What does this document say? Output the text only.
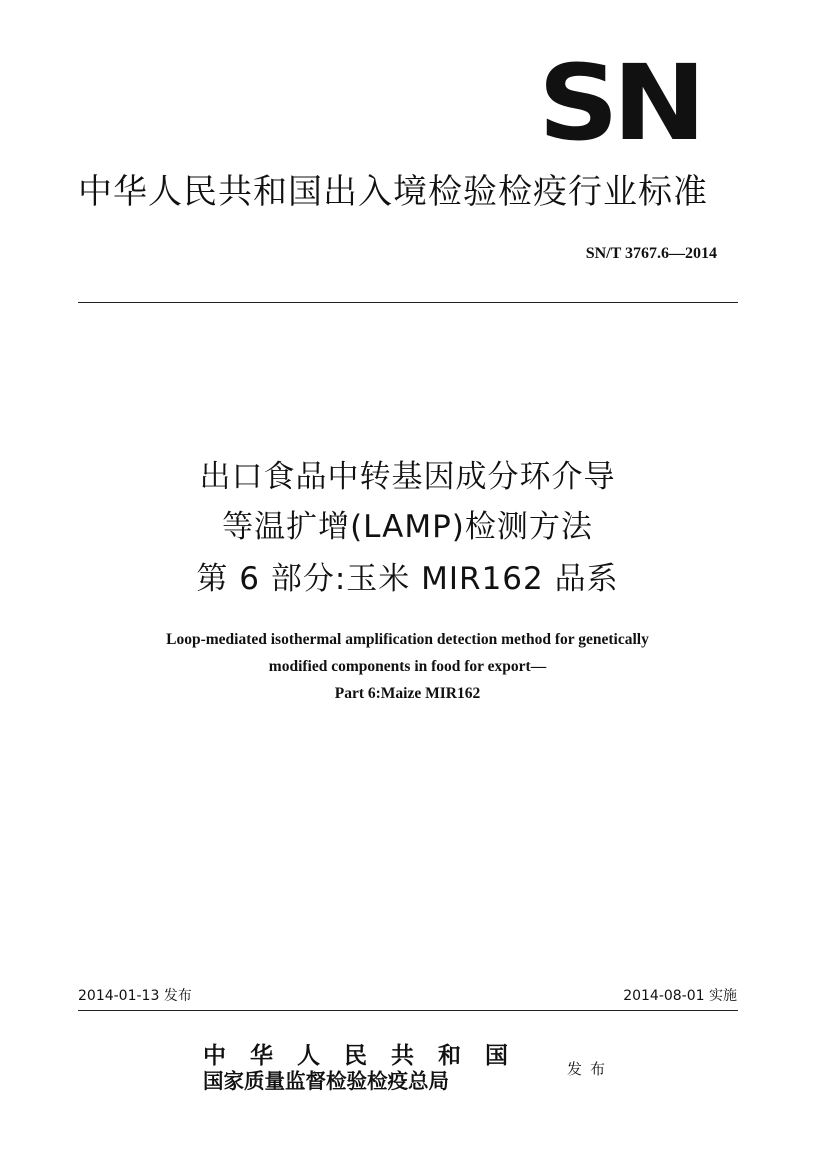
SN
中华人民共和国出入境检验检疫行业标准
SN/T 3767.6—2014
出口食品中转基因成分环介导
等温扩增(LAMP)检测方法
第 6 部分:玉米 MIR162 品系
Loop-mediated isothermal amplification detection method for genetically
modified components in food for export—
Part 6:Maize MIR162
2014-01-13 发布	2014-08-01 实施
中华人民共和国
国家质量监督检验检疫总局	发布
